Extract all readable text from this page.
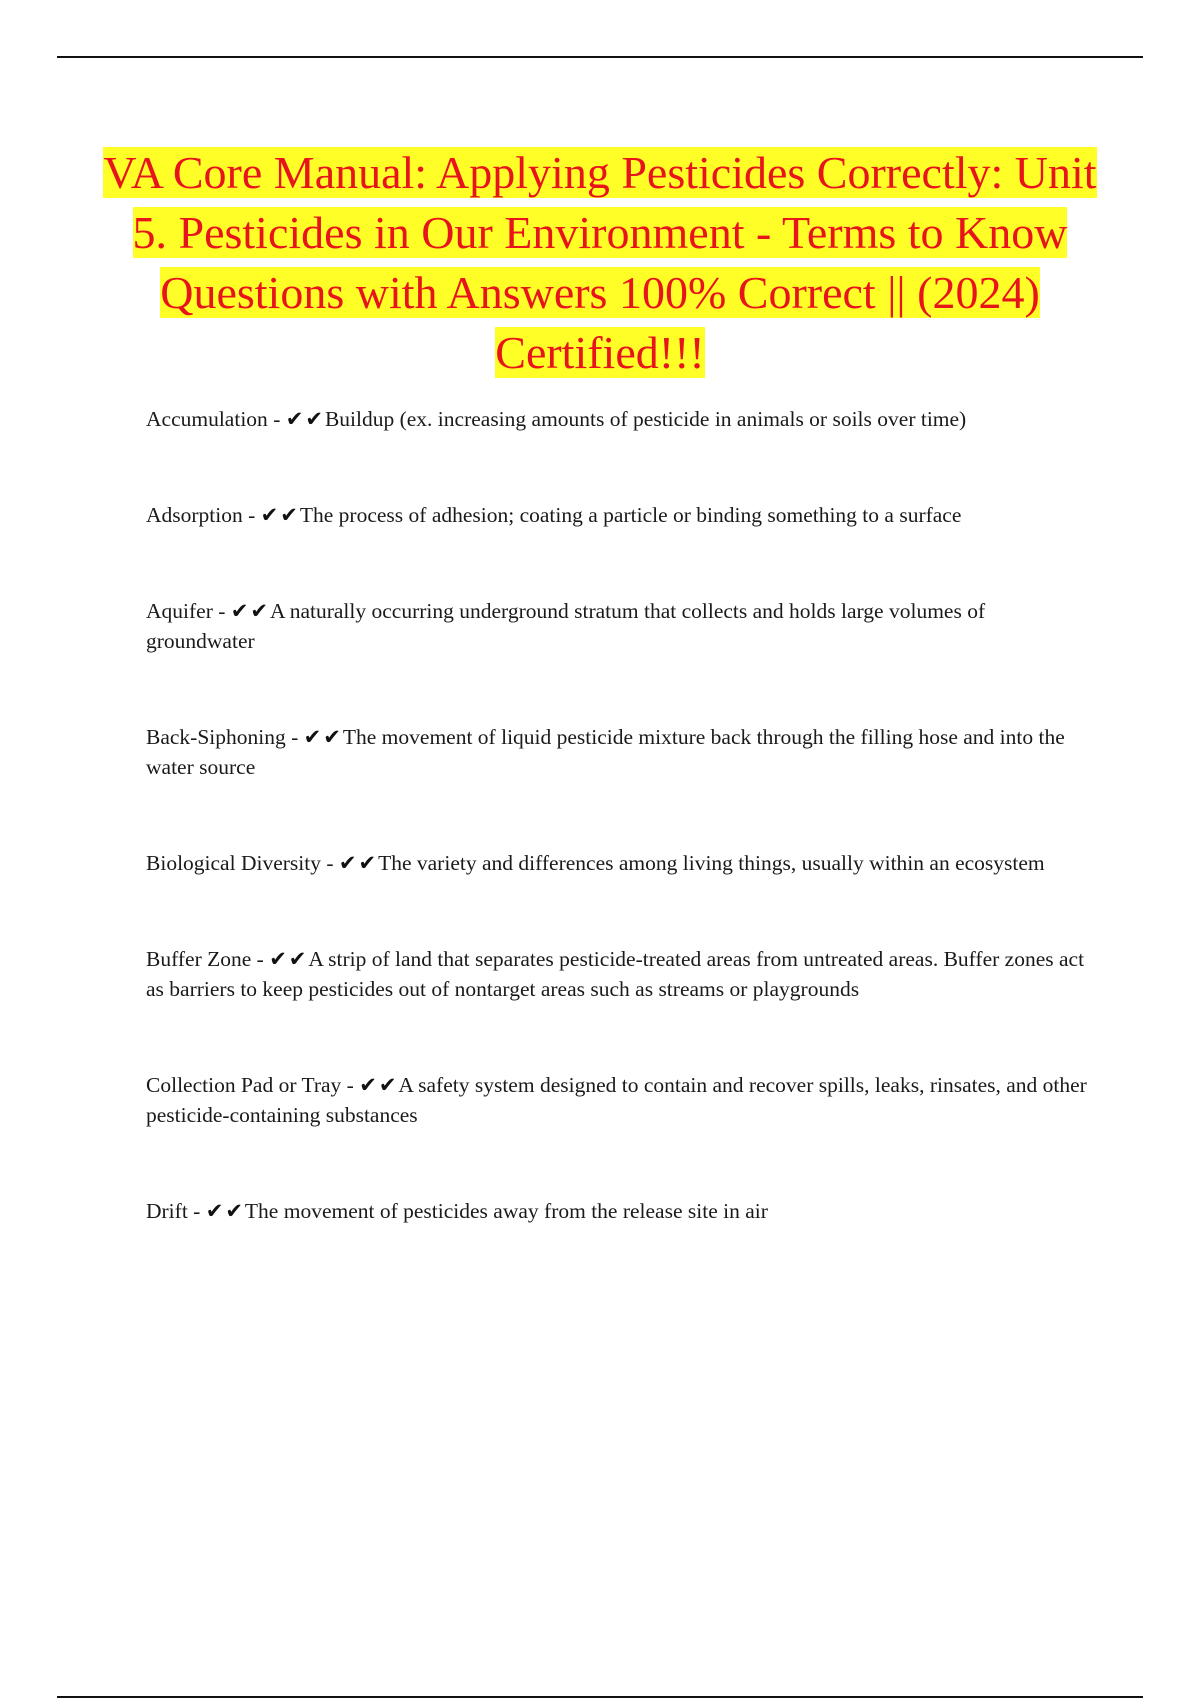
VA Core Manual: Applying Pesticides Correctly: Unit 5. Pesticides in Our Environment - Terms to Know Questions with Answers 100% Correct || (2024) Certified!!!

Accumulation - ✔✔Buildup (ex. increasing amounts of pesticide in animals or soils over time)

Adsorption - ✔✔The process of adhesion; coating a particle or binding something to a surface

Aquifer - ✔✔A naturally occurring underground stratum that collects and holds large volumes of groundwater

Back-Siphoning - ✔✔The movement of liquid pesticide mixture back through the filling hose and into the water source

Biological Diversity - ✔✔The variety and differences among living things, usually within an ecosystem

Buffer Zone - ✔✔A strip of land that separates pesticide-treated areas from untreated areas. Buffer zones act as barriers to keep pesticides out of nontarget areas such as streams or playgrounds

Collection Pad or Tray - ✔✔A safety system designed to contain and recover spills, leaks, rinsates, and other pesticide-containing substances

Drift - ✔✔The movement of pesticides away from the release site in air
